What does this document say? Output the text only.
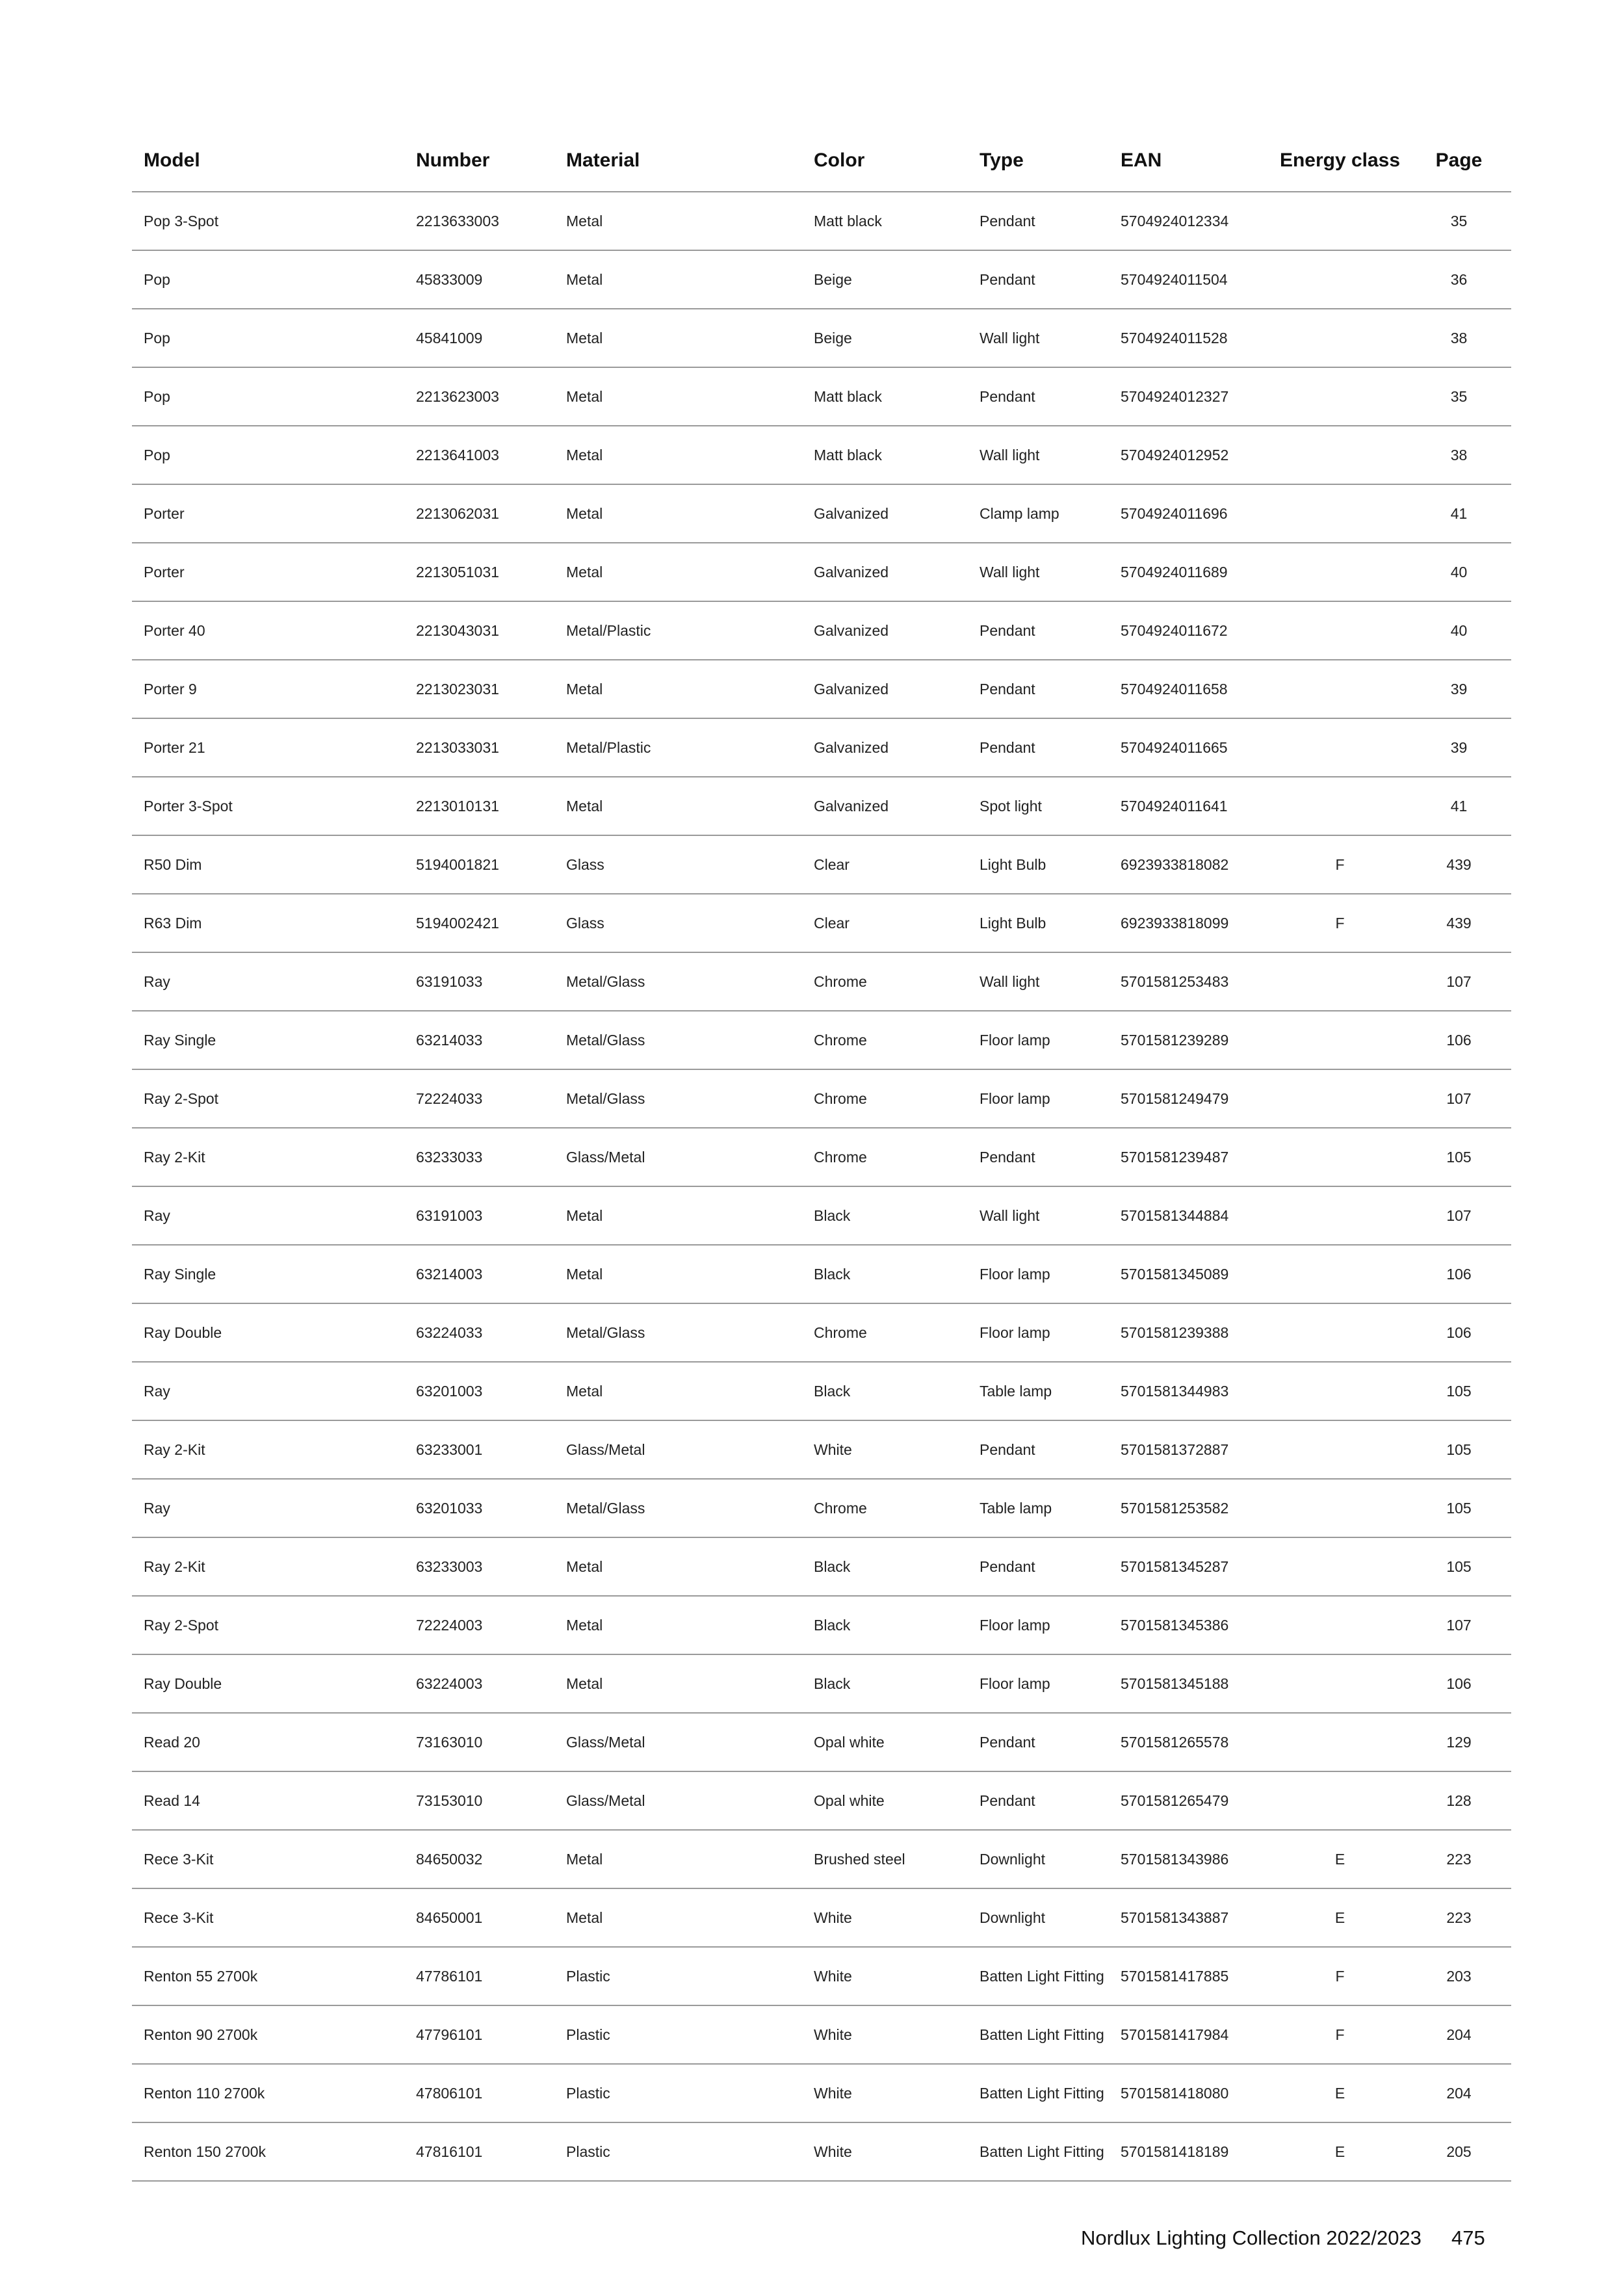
Model	Number	Material	Color	Type	EAN	Energy class	Page
Pop 3-Spot	2213633003	Metal	Matt black	Pendant	5704924012334		35
Pop	45833009	Metal	Beige	Pendant	5704924011504		36
Pop	45841009	Metal	Beige	Wall light	5704924011528		38
Pop	2213623003	Metal	Matt black	Pendant	5704924012327		35
Pop	2213641003	Metal	Matt black	Wall light	5704924012952		38
Porter	2213062031	Metal	Galvanized	Clamp lamp	5704924011696		41
Porter	2213051031	Metal	Galvanized	Wall light	5704924011689		40
Porter 40	2213043031	Metal/Plastic	Galvanized	Pendant	5704924011672		40
Porter 9	2213023031	Metal	Galvanized	Pendant	5704924011658		39
Porter 21	2213033031	Metal/Plastic	Galvanized	Pendant	5704924011665		39
Porter 3-Spot	2213010131	Metal	Galvanized	Spot light	5704924011641		41
R50 Dim	5194001821	Glass	Clear	Light Bulb	6923933818082	F	439
R63 Dim	5194002421	Glass	Clear	Light Bulb	6923933818099	F	439
Ray	63191033	Metal/Glass	Chrome	Wall light	5701581253483		107
Ray Single	63214033	Metal/Glass	Chrome	Floor lamp	5701581239289		106
Ray 2-Spot	72224033	Metal/Glass	Chrome	Floor lamp	5701581249479		107
Ray 2-Kit	63233033	Glass/Metal	Chrome	Pendant	5701581239487		105
Ray	63191003	Metal	Black	Wall light	5701581344884		107
Ray Single	63214003	Metal	Black	Floor lamp	5701581345089		106
Ray Double	63224033	Metal/Glass	Chrome	Floor lamp	5701581239388		106
Ray	63201003	Metal	Black	Table lamp	5701581344983		105
Ray 2-Kit	63233001	Glass/Metal	White	Pendant	5701581372887		105
Ray	63201033	Metal/Glass	Chrome	Table lamp	5701581253582		105
Ray 2-Kit	63233003	Metal	Black	Pendant	5701581345287		105
Ray 2-Spot	72224003	Metal	Black	Floor lamp	5701581345386		107
Ray Double	63224003	Metal	Black	Floor lamp	5701581345188		106
Read 20	73163010	Glass/Metal	Opal white	Pendant	5701581265578		129
Read 14	73153010	Glass/Metal	Opal white	Pendant	5701581265479		128
Rece 3-Kit	84650032	Metal	Brushed steel	Downlight	5701581343986	E	223
Rece 3-Kit	84650001	Metal	White	Downlight	5701581343887	E	223
Renton 55 2700k	47786101	Plastic	White	Batten Light Fitting	5701581417885	F	203
Renton 90 2700k	47796101	Plastic	White	Batten Light Fitting	5701581417984	F	204
Renton 110 2700k	47806101	Plastic	White	Batten Light Fitting	5701581418080	E	204
Renton 150 2700k	47816101	Plastic	White	Batten Light Fitting	5701581418189	E	205
Nordlux Lighting Collection 2022/2023 475
